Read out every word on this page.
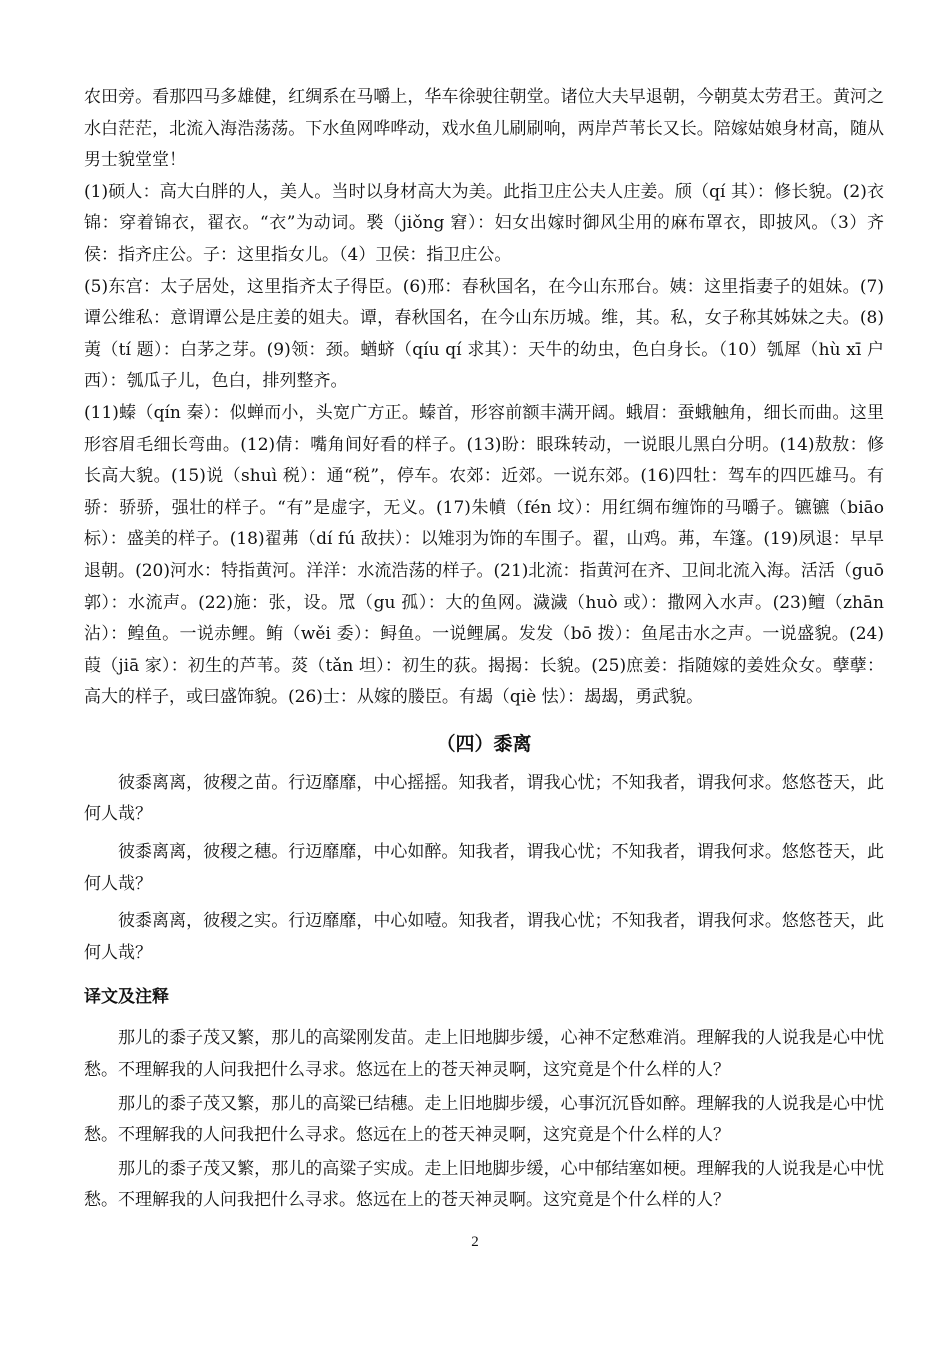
农田旁。看那四马多雄健，红绸系在马嚼上，华车徐驶往朝堂。诸位大夫早退朝，今朝莫太劳君王。黄河之水白茫茫，北流入海浩荡荡。下水鱼网哗哗动，戏水鱼儿刷刷响，两岸芦苇长又长。陪嫁姑娘身材高，随从男士貌堂堂！

(1)硕人：高大白胖的人，美人。当时以身材高大为美。此指卫庄公夫人庄姜。颀（qí 其）：修长貌。(2)衣锦：穿着锦衣，翟衣。“衣”为动词。褧（jiǒng 窘）：妇女出嫁时御风尘用的麻布罩衣，即披风。（3）齐侯：指齐庄公。子：这里指女儿。（4）卫侯：指卫庄公。

(5)东宫：太子居处，这里指齐太子得臣。(6)邢：春秋国名，在今山东邢台。姨：这里指妻子的姐妹。(7)谭公维私：意谓谭公是庄姜的姐夫。谭，春秋国名，在今山东历城。维，其。私，女子称其姊妹之夫。(8)荑（tí 题）：白茅之芽。(9)领：颈。蝤蛴（qíu qí 求其）：天牛的幼虫，色白身长。（10）瓠犀（hù xī 户西）：瓠瓜子儿，色白，排列整齐。

(11)螓（qín 秦）：似蝉而小，头宽广方正。螓首，形容前额丰满开阔。蛾眉：蚕蛾触角，细长而曲。这里形容眉毛细长弯曲。(12)倩：嘴角间好看的样子。(13)盼：眼珠转动，一说眼儿黑白分明。(14)敖敖：修长高大貌。(15)说（shuì 税）：通“税”，停车。农郊：近郊。一说东郊。(16)四牡：驾车的四匹雄马。有骄：骄骄，强壮的样子。“有”是虚字，无义。(17)朱幩（fén 坟）：用红绸布缠饰的马嚼子。镳镳（biāo 标）：盛美的样子。(18)翟茀（dí fú 敌扶）：以雉羽为饰的车围子。翟，山鸡。茀，车篷。(19)夙退：早早退朝。(20)河水：特指黄河。洋洋：水流浩荡的样子。(21)北流：指黄河在齐、卫间北流入海。活活（guō 郭）：水流声。(22)施：张，设。罛（gu 孤）：大的鱼网。濊濊（huò 或）：撒网入水声。(23)鳣（zhān 沾）：鳇鱼。一说赤鲤。鲔（wěi 委）：鲟鱼。一说鲤属。发发（bō 拨）：鱼尾击水之声。一说盛貌。(24)葭（jiā 家）：初生的芦苇。菼（tǎn 坦）：初生的荻。揭揭：长貌。(25)庶姜：指随嫁的姜姓众女。孽孽：高大的样子，或曰盛饰貌。(26)士：从嫁的媵臣。有朅（qiè 怯）：朅朅，勇武貌。

（四）黍离

彼黍离离，彼稷之苗。行迈靡靡，中心摇摇。知我者，谓我心忧；不知我者，谓我何求。悠悠苍天，此何人哉？

彼黍离离，彼稷之穗。行迈靡靡，中心如醉。知我者，谓我心忧；不知我者，谓我何求。悠悠苍天，此何人哉？

彼黍离离，彼稷之实。行迈靡靡，中心如噎。知我者，谓我心忧；不知我者，谓我何求。悠悠苍天，此何人哉？

译文及注释

那儿的黍子茂又繁，那儿的高粱刚发苗。走上旧地脚步缓，心神不定愁难消。理解我的人说我是心中忧愁。不理解我的人问我把什么寻求。悠远在上的苍天神灵啊，这究竟是个什么样的人？

那儿的黍子茂又繁，那儿的高粱已结穗。走上旧地脚步缓，心事沉沉昏如醉。理解我的人说我是心中忧愁。不理解我的人问我把什么寻求。悠远在上的苍天神灵啊，这究竟是个什么样的人？

那儿的黍子茂又繁，那儿的高粱子实成。走上旧地脚步缓，心中郁结塞如梗。理解我的人说我是心中忧愁。不理解我的人问我把什么寻求。悠远在上的苍天神灵啊。这究竟是个什么样的人？

2
